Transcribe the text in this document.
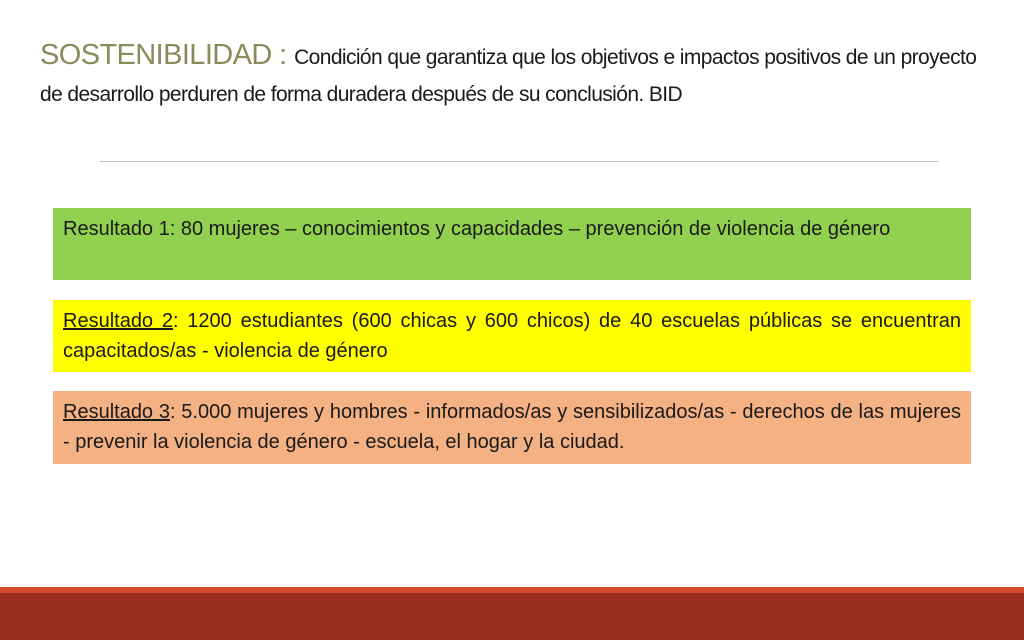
SOSTENIBILIDAD : Condición que garantiza que los objetivos e impactos positivos de un proyecto de desarrollo perduren de forma duradera después de su conclusión. BID
Resultado 1: 80 mujeres – conocimientos y capacidades – prevención de violencia de género
Resultado 2: 1200 estudiantes (600 chicas y 600 chicos) de 40 escuelas públicas se encuentran capacitados/as - violencia de género
Resultado 3: 5.000 mujeres y hombres - informados/as y sensibilizados/as - derechos de las mujeres - prevenir la violencia de género - escuela, el hogar y la ciudad.
